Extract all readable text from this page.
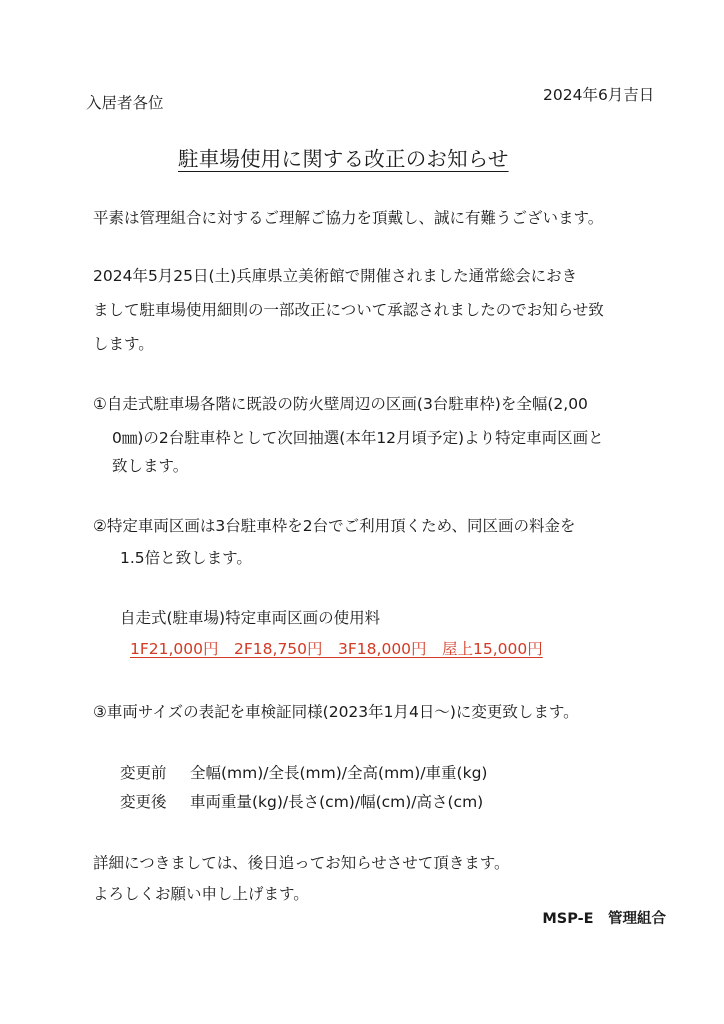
2024年6月吉日
入居者各位
駐車場使用に関する改正のお知らせ
平素は管理組合に対するご理解ご協力を頂戴し、誠に有難うございます。
2024年5月25日(土)兵庫県立美術館で開催されました通常総会におき
まして駐車場使用細則の一部改正について承認されましたのでお知らせ致
します。
①自走式駐車場各階に既設の防火壁周辺の区画(3台駐車枠)を全幅(2,00
0㎜)の2台駐車枠として次回抽選(本年12月頃予定)より特定車両区画と
致します。
②特定車両区画は3台駐車枠を2台でご利用頂くため、同区画の料金を
1.5倍と致します。
自走式(駐車場)特定車両区画の使用料
1F21,000円　2F18,750円　3F18,000円　屋上15,000円
③車両サイズの表記を車検証同様(2023年1月4日～)に変更致します。
変更前 全幅(mm)/全長(mm)/全高(mm)/車重(kg)
変更後 車両重量(kg)/長さ(cm)/幅(cm)/高さ(cm)
詳細につきましては、後日追ってお知らせさせて頂きます。
よろしくお願い申し上げます。
MSP-E　管理組合
